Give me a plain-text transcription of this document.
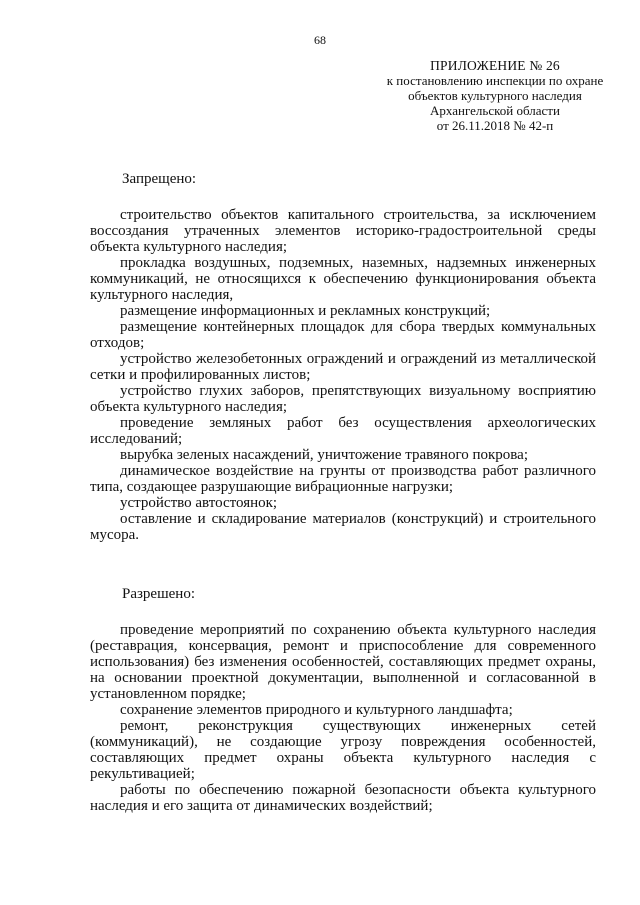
68
ПРИЛОЖЕНИЕ № 26
к постановлению инспекции по охране
объектов культурного наследия
Архангельской области
от 26.11.2018 № 42-п
Запрещено:

строительство объектов капитального строительства, за исключением воссоздания утраченных элементов историко-градостроительной среды объекта культурного наследия;

прокладка воздушных, подземных, наземных, надземных инженерных коммуникаций, не относящихся к обеспечению функционирования объекта культурного наследия,

размещение информационных и рекламных конструкций;

размещение контейнерных площадок для сбора твердых коммунальных отходов;

устройство железобетонных ограждений и ограждений из металлической сетки и профилированных листов;

устройство глухих заборов, препятствующих визуальному восприятию объекта культурного наследия;

проведение земляных работ без осуществления археологических исследований;

вырубка зеленых насаждений, уничтожение травяного покрова;

динамическое воздействие на грунты от производства работ различного типа, создающее разрушающие вибрационные нагрузки;

устройство автостоянок;

оставление и складирование материалов (конструкций) и строительного мусора.

Разрешено:

проведение мероприятий по сохранению объекта культурного наследия (реставрация, консервация, ремонт и приспособление для современного использования) без изменения особенностей, составляющих предмет охраны, на основании проектной документации, выполненной и согласованной в установленном порядке;

сохранение элементов природного и культурного ландшафта;

ремонт, реконструкция существующих инженерных сетей (коммуникаций), не создающие угрозу повреждения особенностей, составляющих предмет охраны объекта культурного наследия с рекультивацией;

работы по обеспечению пожарной безопасности объекта культурного наследия и его защита от динамических воздействий;
